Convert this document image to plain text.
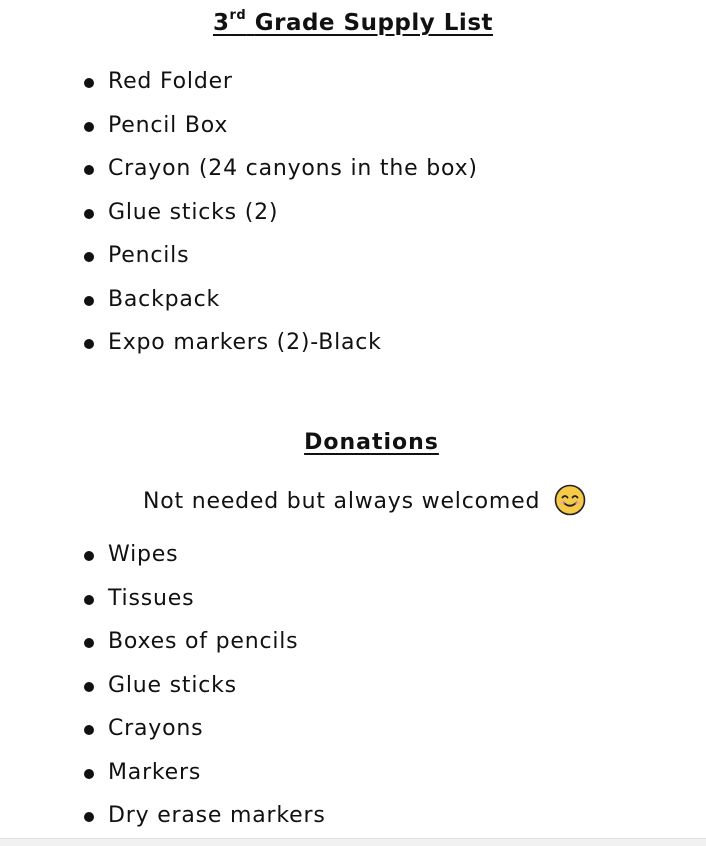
3rd Grade Supply List
Red Folder
Pencil Box
Crayon (24 canyons in the box)
Glue sticks (2)
Pencils
Backpack
Expo markers (2)-Black
Donations
Not needed but always welcomed
Wipes
Tissues
Boxes of pencils
Glue sticks
Crayons
Markers
Dry erase markers
